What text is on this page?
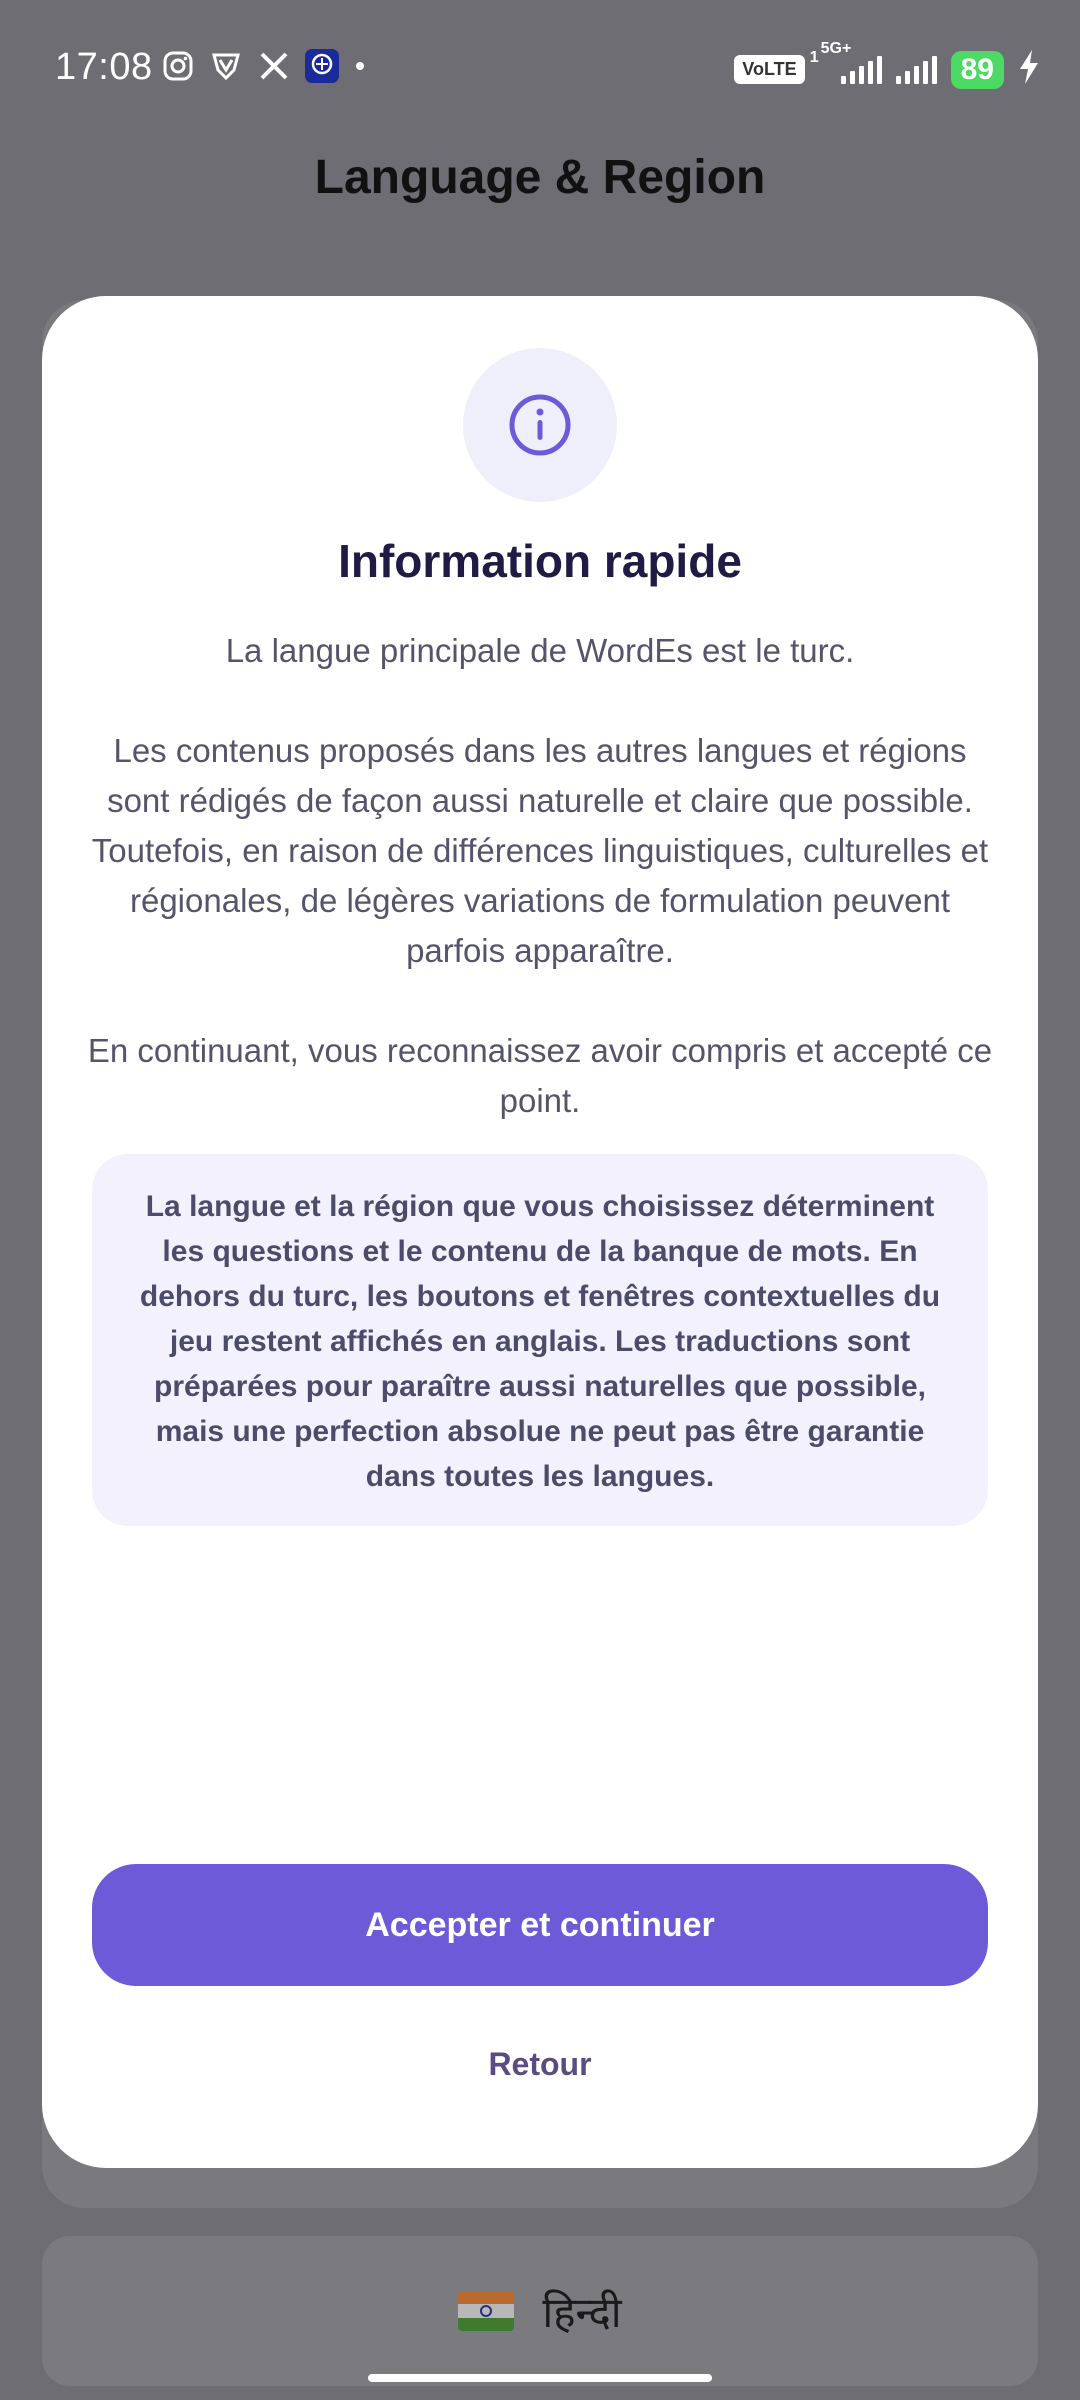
17:08	VoLTE
1
5G+
89
Language & Region
हिन्दी
Information rapide

La langue principale de WordEs est le turc.

Les contenus proposés dans les autres langues et régions sont rédigés de façon aussi naturelle et claire que possible. Toutefois, en raison de différences linguistiques, culturelles et régionales, de légères variations de formulation peuvent parfois apparaître.

En continuant, vous reconnaissez avoir compris et accepté ce point.

La langue et la région que vous choisissez déterminent les questions et le contenu de la banque de mots. En dehors du turc, les boutons et fenêtres contextuelles du jeu restent affichés en anglais. Les traductions sont préparées pour paraître aussi naturelles que possible, mais une perfection absolue ne peut pas être garantie dans toutes les langues.
Accepter et continuer
Retour
